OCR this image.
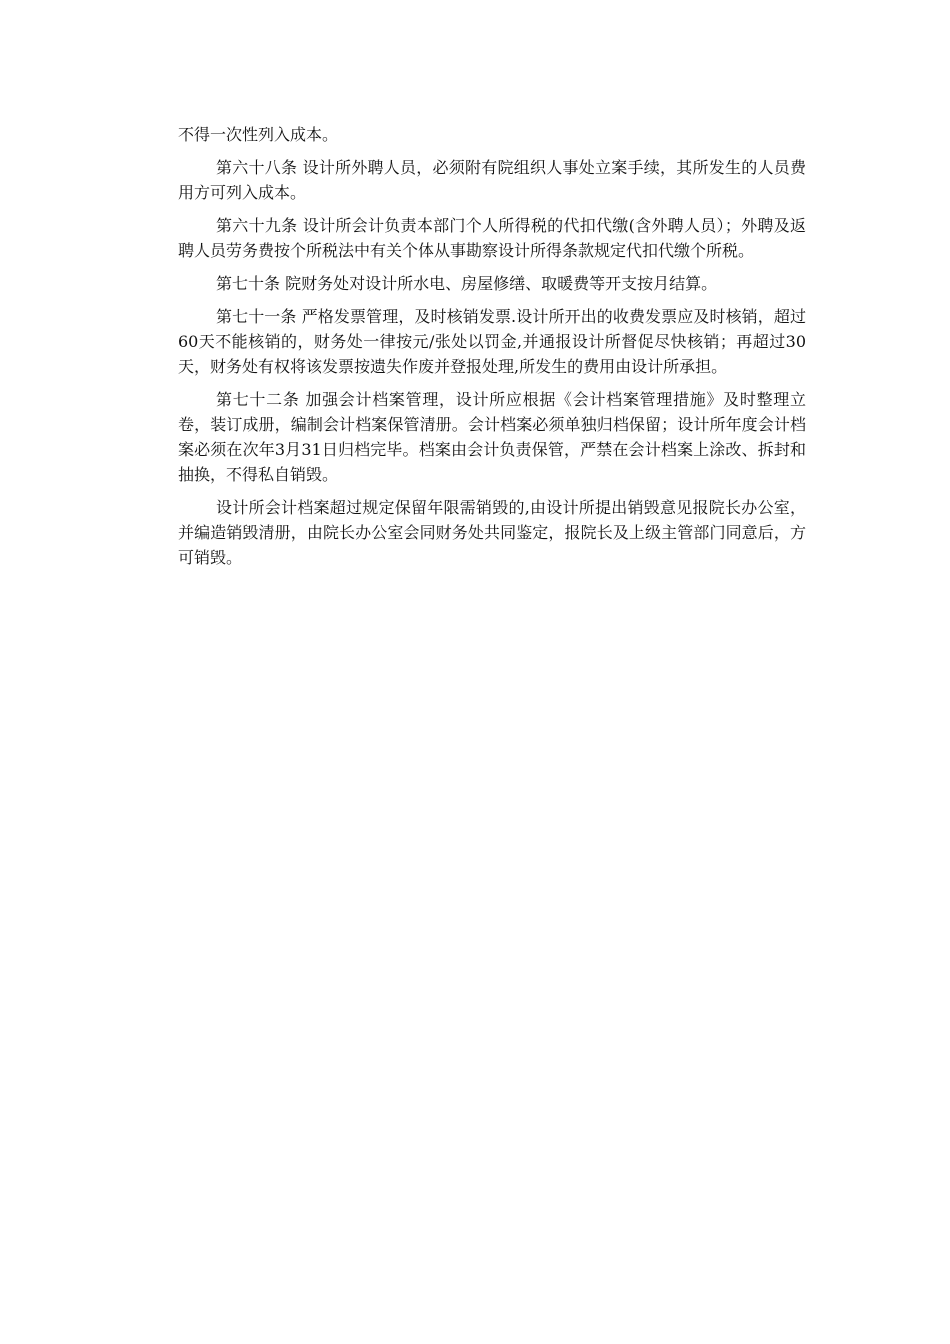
不得一次性列入成本。

第六十八条 设计所外聘人员，必须附有院组织人事处立案手续，其所发生的人员费用方可列入成本。

第六十九条 设计所会计负责本部门个人所得税的代扣代缴(含外聘人员）；外聘及返聘人员劳务费按个所税法中有关个体从事勘察设计所得条款规定代扣代缴个所税。

第七十条 院财务处对设计所水电、房屋修缮、取暖费等开支按月结算。

第七十一条 严格发票管理，及时核销发票.设计所开出的收费发票应及时核销，超过60天不能核销的，财务处一律按元/张处以罚金,并通报设计所督促尽快核销；再超过30天，财务处有权将该发票按遗失作废并登报处理,所发生的费用由设计所承担。

第七十二条 加强会计档案管理，设计所应根据《会计档案管理措施》及时整理立卷，装订成册，编制会计档案保管清册。会计档案必须单独归档保留；设计所年度会计档案必须在次年3月31日归档完毕。档案由会计负责保管，严禁在会计档案上涂改、拆封和抽换，不得私自销毁。

设计所会计档案超过规定保留年限需销毁的,由设计所提出销毁意见报院长办公室，并编造销毁清册，由院长办公室会同财务处共同鉴定，报院长及上级主管部门同意后，方可销毁。
